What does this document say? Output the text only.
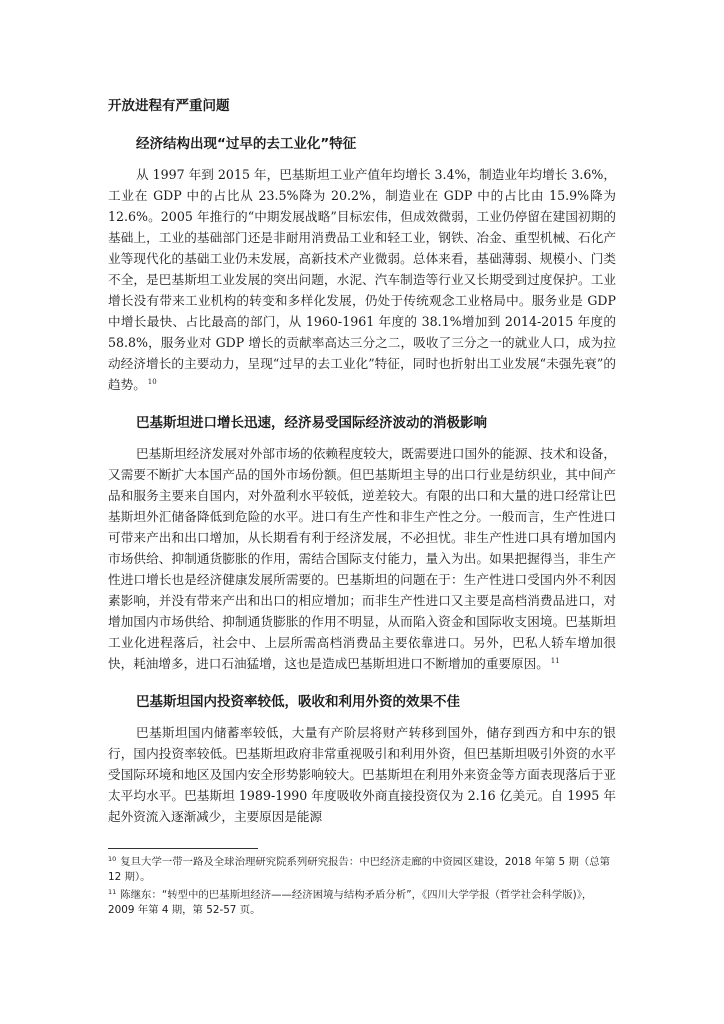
开放进程有严重问题
经济结构出现“过早的去工业化”特征

从 1997 年到 2015 年，巴基斯坦工业产值年均增长 3.4%，制造业年均增长 3.6%，工业在 GDP 中的占比从 23.5%降为 20.2%，制造业在 GDP 中的占比由 15.9%降为 12.6%。2005 年推行的“中期发展战略”目标宏伟，但成效微弱，工业仍停留在建国初期的基础上，工业的基础部门还是非耐用消费品工业和轻工业，钢铁、冶金、重型机械、石化产业等现代化的基础工业仍未发展，高新技术产业微弱。总体来看，基础薄弱、规模小、门类不全，是巴基斯坦工业发展的突出问题，水泥、汽车制造等行业又长期受到过度保护。工业增长没有带来工业机构的转变和多样化发展，仍处于传统观念工业格局中。服务业是 GDP 中增长最快、占比最高的部门，从 1960-1961 年度的 38.1%增加到 2014-2015 年度的 58.8%，服务业对 GDP 增长的贡献率高达三分之二，吸收了三分之一的就业人口，成为拉动经济增长的主要动力，呈现“过早的去工业化”特征，同时也折射出工业发展“未强先衰”的趋势。 $^{10}$

巴基斯坦进口增长迅速，经济易受国际经济波动的消极影响

巴基斯坦经济发展对外部市场的依赖程度较大，既需要进口国外的能源、技术和设备，又需要不断扩大本国产品的国外市场份额。但巴基斯坦主导的出口行业是纺织业，其中间产品和服务主要来自国内，对外盈利水平较低，逆差较大。有限的出口和大量的进口经常让巴基斯坦外汇储备降低到危险的水平。进口有生产性和非生产性之分。一般而言，生产性进口可带来产出和出口增加，从长期看有利于经济发展，不必担忧。非生产性进口具有增加国内市场供给、抑制通货膨胀的作用，需结合国际支付能力，量入为出。如果把握得当，非生产性进口增长也是经济健康发展所需要的。巴基斯坦的问题在于：生产性进口受国内外不利因素影响，并没有带来产出和出口的相应增加；而非生产性进口又主要是高档消费品进口，对增加国内市场供给、抑制通货膨胀的作用不明显，从而陷入资金和国际收支困境。巴基斯坦工业化进程落后，社会中、上层所需高档消费品主要依靠进口。另外，巴私人轿车增加很快，耗油增多，进口石油猛增，这也是造成巴基斯坦进口不断增加的重要原因。 $^{11}$

巴基斯坦国内投资率较低，吸收和利用外资的效果不佳

巴基斯坦国内储蓄率较低，大量有产阶层将财产转移到国外，储存到西方和中东的银行，国内投资率较低。巴基斯坦政府非常重视吸引和利用外资，但巴基斯坦吸引外资的水平受国际环境和地区及国内安全形势影响较大。巴基斯坦在利用外来资金等方面表现落后于亚太平均水平。巴基斯坦 1989-1990 年度吸收外商直接投资仅为 2.16 亿美元。自 1995 年起外资流入逐渐减少，主要原因是能源

$^{10}$ 复旦大学一带一路及全球治理研究院系列研究报告：中巴经济走廊的中资园区建设，2018 年第 5 期（总第 12 期）。

$^{11}$ 陈继东：“转型中的巴基斯坦经济——经济困境与结构矛盾分析”，《四川大学学报（哲学社会科学版)》，2009 年第 4 期，第 52-57 页。
